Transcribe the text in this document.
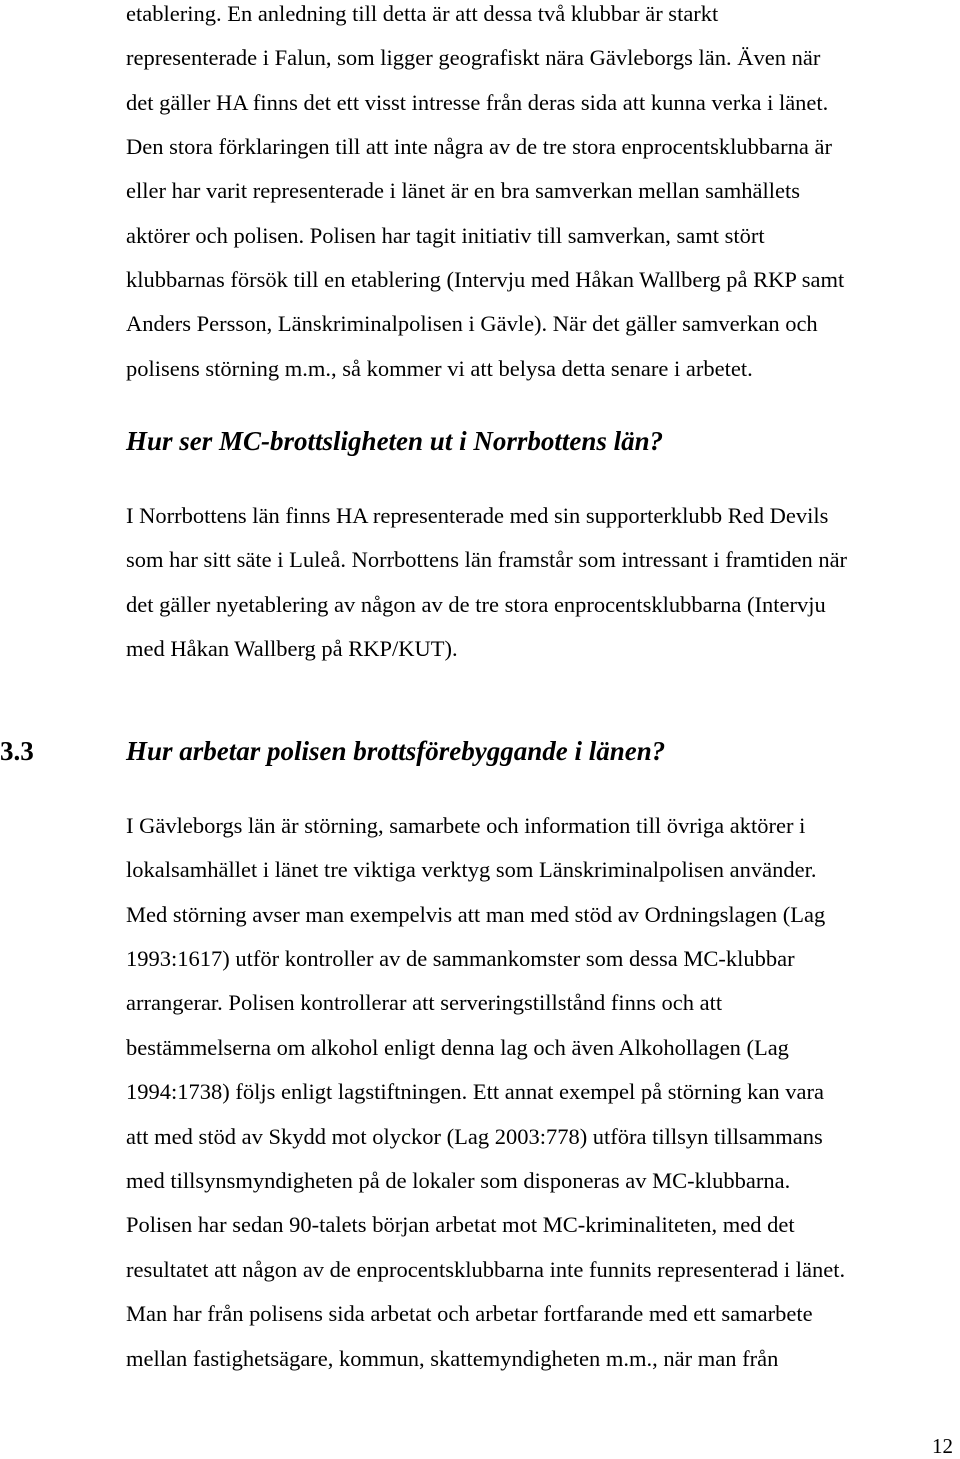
etablering. En anledning till detta är att dessa två klubbar är starkt

representerade i Falun, som ligger geografiskt nära Gävleborgs län. Även när

det gäller HA finns det ett visst intresse från deras sida att kunna verka i länet.

Den stora förklaringen till att inte några av de tre stora enprocentsklubbarna är

eller har varit representerade i länet är en bra samverkan mellan samhällets

aktörer och polisen. Polisen har tagit initiativ till samverkan, samt stört

klubbarnas försök till en etablering (Intervju med Håkan Wallberg på RKP samt

Anders Persson, Länskriminalpolisen i Gävle). När det gäller samverkan och

polisens störning m.m., så kommer vi att belysa detta senare i arbetet.

Hur ser MC-brottsligheten ut i Norrbottens län?

I Norrbottens län finns HA representerade med sin supporterklubb Red Devils

som har sitt säte i Luleå. Norrbottens län framstår som intressant i framtiden när

det gäller nyetablering av någon av de tre stora enprocentsklubbarna (Intervju

med Håkan Wallberg på RKP/KUT).

3.3	Hur arbetar polisen brottsförebyggande i länen?

I Gävleborgs län är störning, samarbete och information till övriga aktörer i

lokalsamhället i länet tre viktiga verktyg som Länskriminalpolisen använder.

Med störning avser man exempelvis att man med stöd av Ordningslagen (Lag

1993:1617) utför kontroller av de sammankomster som dessa MC-klubbar

arrangerar. Polisen kontrollerar att serveringstillstånd finns och att

bestämmelserna om alkohol enligt denna lag och även Alkohollagen (Lag

1994:1738) följs enligt lagstiftningen. Ett annat exempel på störning kan vara

att med stöd av Skydd mot olyckor (Lag 2003:778) utföra tillsyn tillsammans

med tillsynsmyndigheten på de lokaler som disponeras av MC-klubbarna.

Polisen har sedan 90-talets början arbetat mot MC-kriminaliteten, med det

resultatet att någon av de enprocentsklubbarna inte funnits representerad i länet.

Man har från polisens sida arbetat och arbetar fortfarande med ett samarbete

mellan fastighetsägare, kommun, skattemyndigheten m.m., när man från

12
